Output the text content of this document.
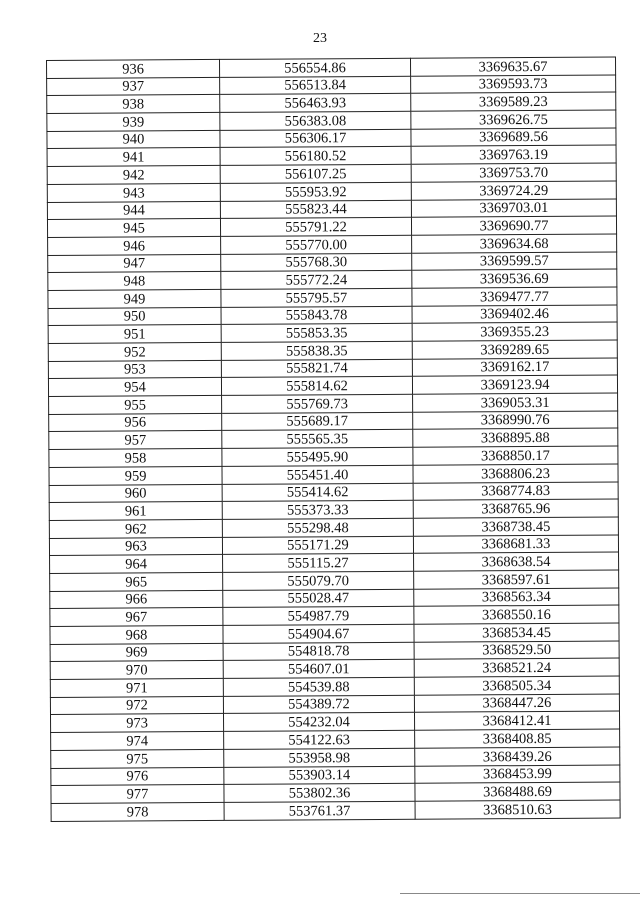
23
936	556554.86	3369635.67
937	556513.84	3369593.73
938	556463.93	3369589.23
939	556383.08	3369626.75
940	556306.17	3369689.56
941	556180.52	3369763.19
942	556107.25	3369753.70
943	555953.92	3369724.29
944	555823.44	3369703.01
945	555791.22	3369690.77
946	555770.00	3369634.68
947	555768.30	3369599.57
948	555772.24	3369536.69
949	555795.57	3369477.77
950	555843.78	3369402.46
951	555853.35	3369355.23
952	555838.35	3369289.65
953	555821.74	3369162.17
954	555814.62	3369123.94
955	555769.73	3369053.31
956	555689.17	3368990.76
957	555565.35	3368895.88
958	555495.90	3368850.17
959	555451.40	3368806.23
960	555414.62	3368774.83
961	555373.33	3368765.96
962	555298.48	3368738.45
963	555171.29	3368681.33
964	555115.27	3368638.54
965	555079.70	3368597.61
966	555028.47	3368563.34
967	554987.79	3368550.16
968	554904.67	3368534.45
969	554818.78	3368529.50
970	554607.01	3368521.24
971	554539.88	3368505.34
972	554389.72	3368447.26
973	554232.04	3368412.41
974	554122.63	3368408.85
975	553958.98	3368439.26
976	553903.14	3368453.99
977	553802.36	3368488.69
978	553761.37	3368510.63
